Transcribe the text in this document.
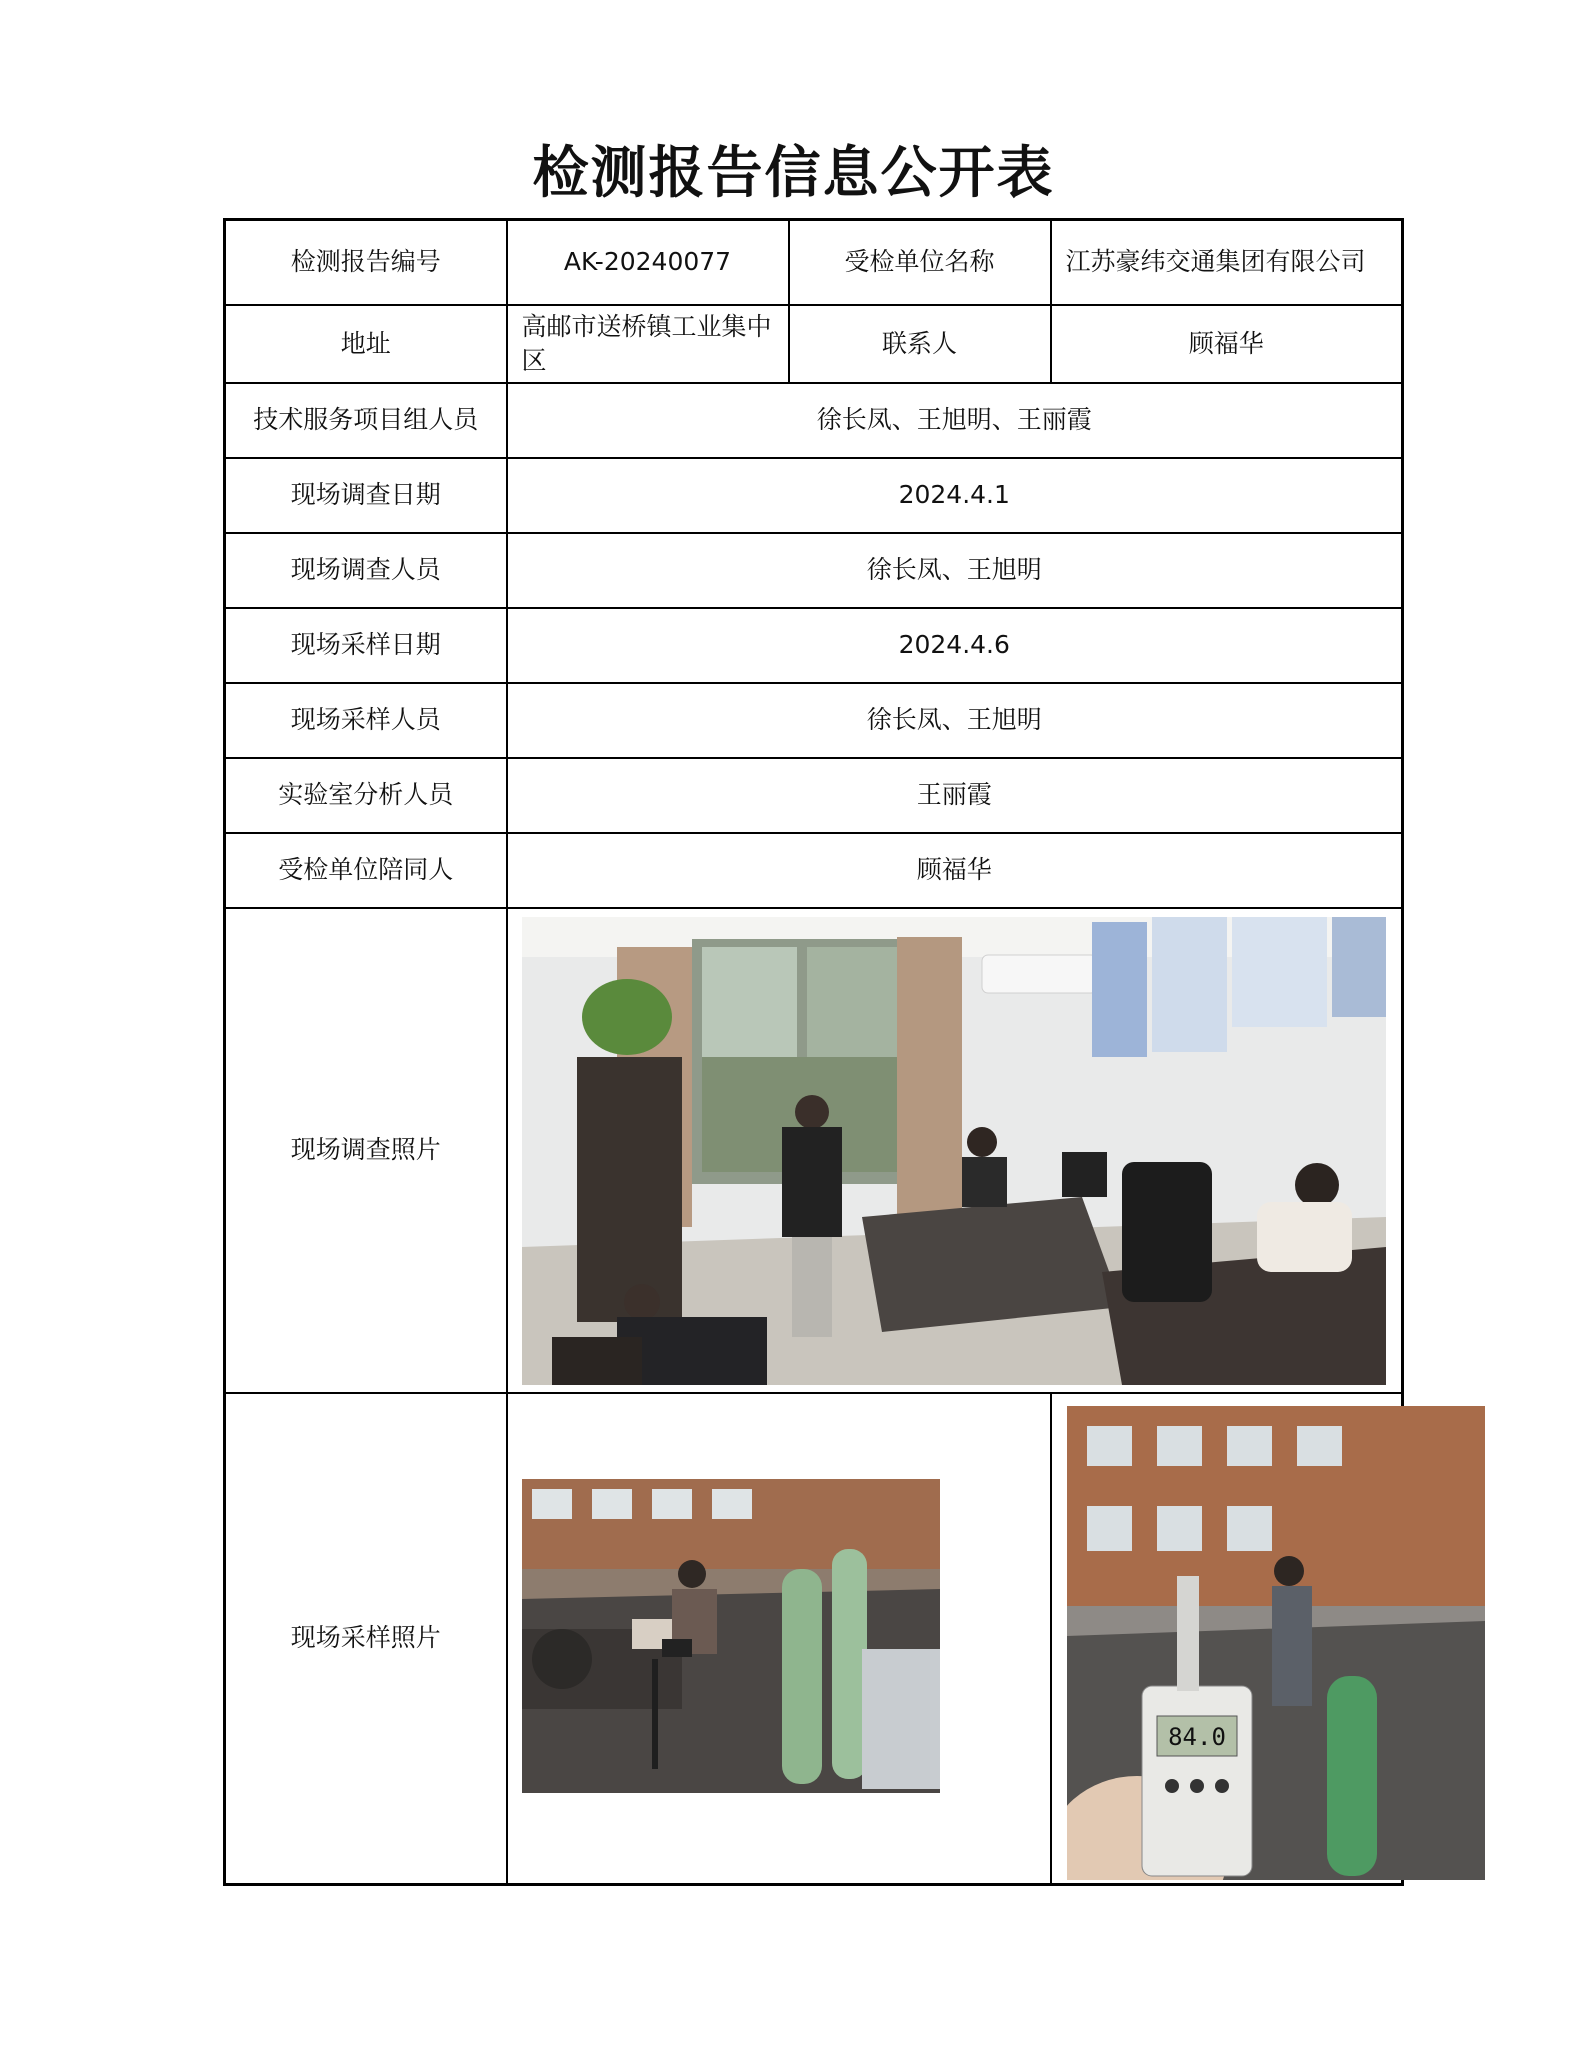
检测报告信息公开表
检测报告编号	AK-20240077	受检单位名称	江苏豪纬交通集团有限公司
地址	高邮市送桥镇工业集中区	联系人	顾福华
技术服务项目组人员	徐长凤、王旭明、王丽霞		
现场调查日期	2024.4.1		
现场调查人员	徐长凤、王旭明		
现场采样日期	2024.4.6		
现场采样人员	徐长凤、王旭明		
实验室分析人员	王丽霞		
受检单位陪同人	顾福华		
现场调查照片	

现场采样照片			84.0
